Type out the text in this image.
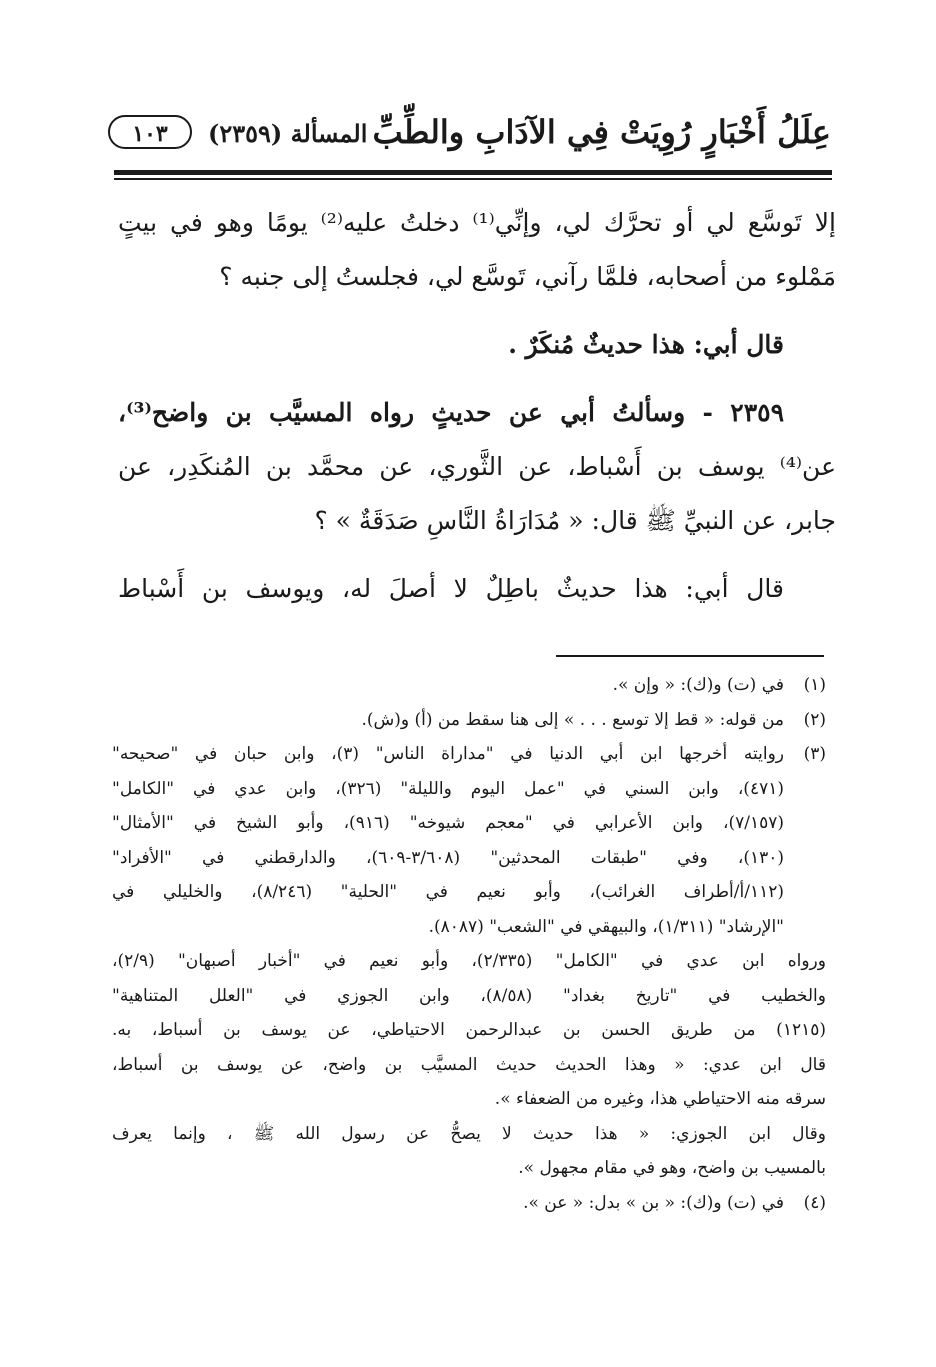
عِلَلُ أَخْبَارٍ رُوِيَتْ فِي الآدَابِ والطِّبِّ
المسألة (٢٣٥٩)
١٠٣
إلا تَوسَّع لي أو تحرَّك لي، وإنِّي⁽¹⁾ دخلتُ عليه⁽²⁾ يومًا وهو في بيتٍ
مَمْلوء من أصحابه، فلمَّا رآني، تَوسَّع لي، فجلستُ إلى جنبه ؟
قال أبي: هذا حديثٌ مُنكَرٌ .
٢٣٥٩ - وسألتُ أبي عن حديثٍ رواه المسيَّب بن واضح⁽³⁾،
عن⁽⁴⁾ يوسف بن أَسْباط، عن الثَّوري، عن محمَّد بن المُنكَدِر، عن
جابر، عن النبيِّ ﷺ قال: « مُدَارَاةُ النَّاسِ صَدَقَةٌ » ؟
قال أبي: هذا حديثٌ باطِلٌ لا أصلَ له، ويوسف بن أَسْباط
(١)
في (ت) و(ك): « وإن ».
(٢)
من قوله: « قط إلا توسع . . . » إلى هنا سقط من (أ) و(ش).
(٣)
روايته أخرجها ابن أبي الدنيا في "مداراة الناس" (٣)، وابن حبان في "صحيحه"
(٤٧١)، وابن السني في "عمل اليوم والليلة" (٣٢٦)، وابن عدي في "الكامل"
(٧/١٥٧)، وابن الأعرابي في "معجم شيوخه" (٩١٦)، وأبو الشيخ في "الأمثال"
(١٣٠)، وفي "طبقات المحدثين" (٣/٦٠٨-٦٠٩)، والدارقطني في "الأفراد"
(١١٢/أ/أطراف الغرائب)، وأبو نعيم في "الحلية" (٨/٢٤٦)، والخليلي في
"الإرشاد" (١/٣١١)، والبيهقي في "الشعب" (٨٠٨٧).
ورواه ابن عدي في "الكامل" (٢/٣٣٥)، وأبو نعيم في "أخبار أصبهان" (٢/٩)،
والخطيب في "تاريخ بغداد" (٨/٥٨)، وابن الجوزي في "العلل المتناهية"
(١٢١٥) من طريق الحسن بن عبدالرحمن الاحتياطي، عن يوسف بن أسباط، به.
قال ابن عدي: « وهذا الحديث حديث المسيَّب بن واضح، عن يوسف بن أسباط،
سرقه منه الاحتياطي هذا، وغيره من الضعفاء ».
وقال ابن الجوزي: « هذا حديث لا يصحُّ عن رسول الله ﷺ ، وإنما يعرف
بالمسيب بن واضح، وهو في مقام مجهول ».
(٤)
في (ت) و(ك): « بن » بدل: « عن ».
